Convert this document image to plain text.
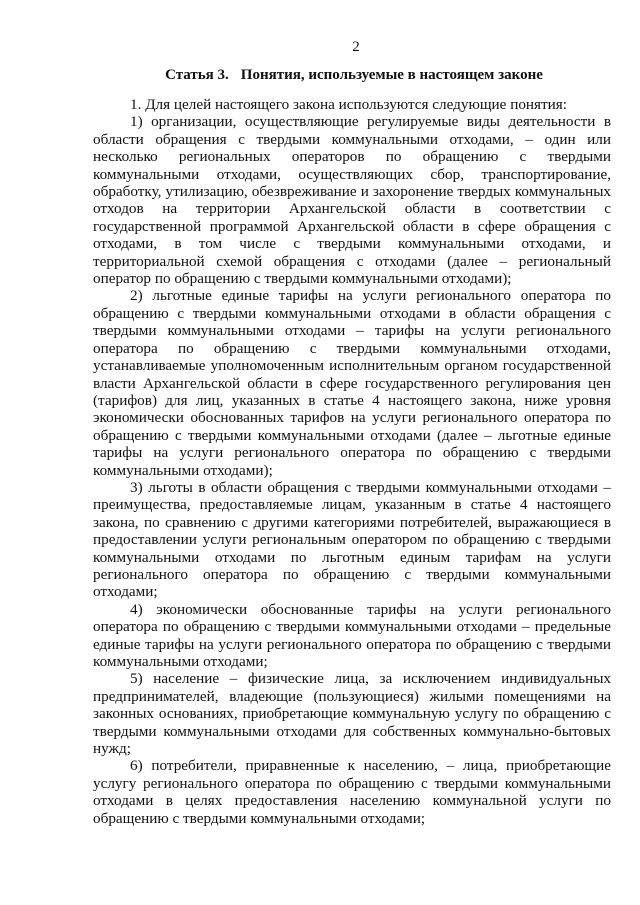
2
Статья 3. Понятия, используемые в настоящем законе

1. Для целей настоящего закона используются следующие понятия:

1) организации, осуществляющие регулируемые виды деятельности в области обращения с твердыми коммунальными отходами, – один или несколько региональных операторов по обращению с твердыми коммунальными отходами, осуществляющих сбор, транспортирование, обработку, утилизацию, обезвреживание и захоронение твердых коммунальных отходов на территории Архангельской области в соответствии с государственной программой Архангельской области в сфере обращения с отходами, в том числе с твердыми коммунальными отходами, и территориальной схемой обращения с отходами (далее – региональный оператор по обращению с твердыми коммунальными отходами);

2) льготные единые тарифы на услуги регионального оператора по обращению с твердыми коммунальными отходами в области обращения с твердыми коммунальными отходами – тарифы на услуги регионального оператора по обращению с твердыми коммунальными отходами, устанавливаемые уполномоченным исполнительным органом государственной власти Архангельской области в сфере государственного регулирования цен (тарифов) для лиц, указанных в статье 4 настоящего закона, ниже уровня экономически обоснованных тарифов на услуги регионального оператора по обращению с твердыми коммунальными отходами (далее – льготные единые тарифы на услуги регионального оператора по обращению с твердыми коммунальными отходами);

3) льготы в области обращения с твердыми коммунальными отходами – преимущества, предоставляемые лицам, указанным в статье 4 настоящего закона, по сравнению с другими категориями потребителей, выражающиеся в предоставлении услуги региональным оператором по обращению с твердыми коммунальными отходами по льготным единым тарифам на услуги регионального оператора по обращению с твердыми коммунальными отходами;

4) экономически обоснованные тарифы на услуги регионального оператора по обращению с твердыми коммунальными отходами – предельные единые тарифы на услуги регионального оператора по обращению с твердыми коммунальными отходами;

5) население – физические лица, за исключением индивидуальных предпринимателей, владеющие (пользующиеся) жилыми помещениями на законных основаниях, приобретающие коммунальную услугу по обращению с твердыми коммунальными отходами для собственных коммунально-бытовых нужд;

6) потребители, приравненные к населению, – лица, приобретающие услугу регионального оператора по обращению с твердыми коммунальными отходами в целях предоставления населению коммунальной услуги по обращению с твердыми коммунальными отходами;
